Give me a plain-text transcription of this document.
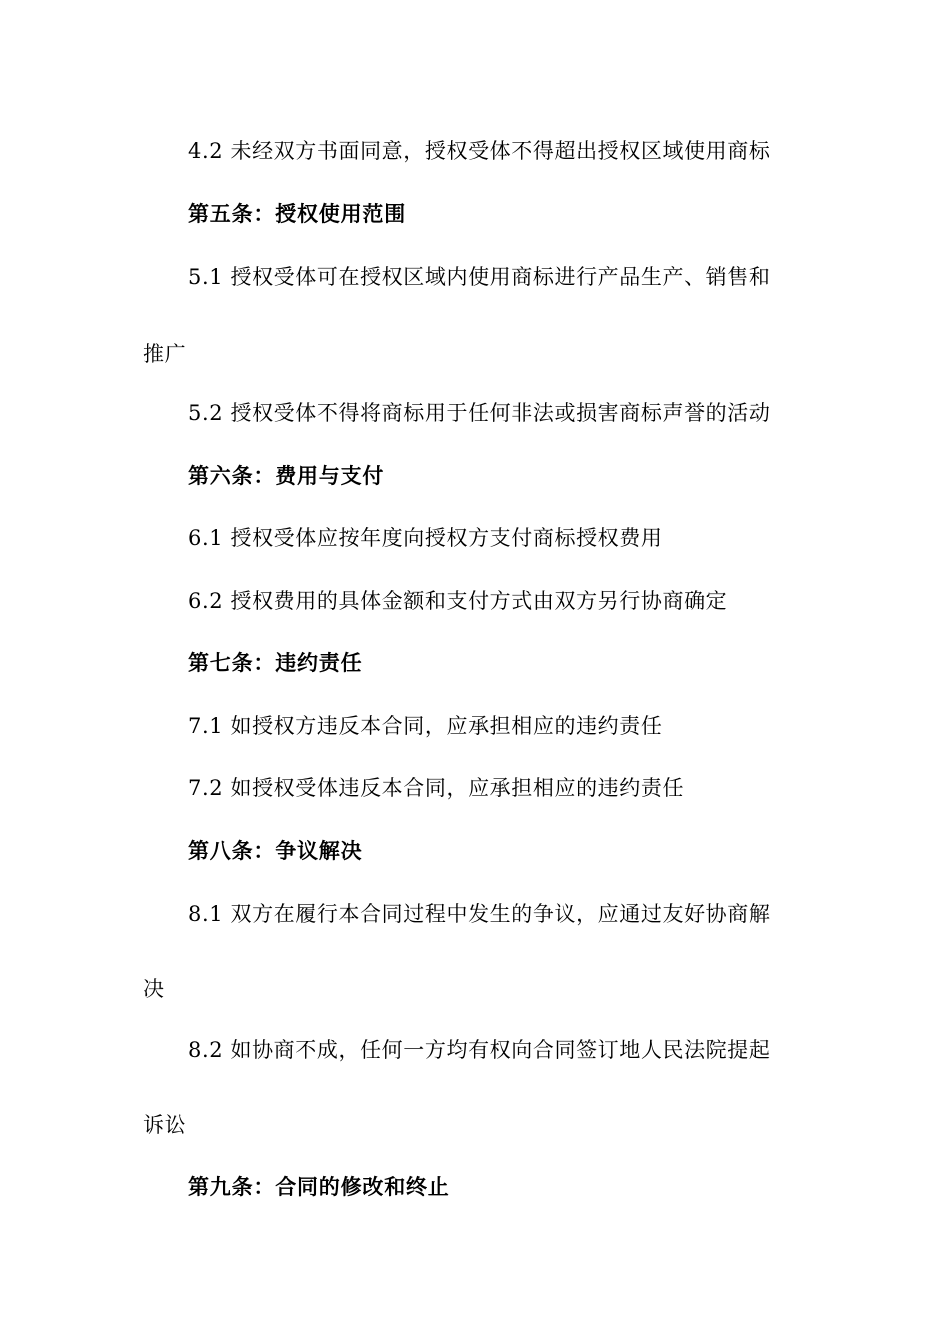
4.2 未经双方书面同意，授权受体不得超出授权区域使用商标
第五条：授权使用范围
5.1 授权受体可在授权区域内使用商标进行产品生产、销售和
推广
5.2 授权受体不得将商标用于任何非法或损害商标声誉的活动
第六条：费用与支付
6.1 授权受体应按年度向授权方支付商标授权费用
6.2 授权费用的具体金额和支付方式由双方另行协商确定
第七条：违约责任
7.1 如授权方违反本合同，应承担相应的违约责任
7.2 如授权受体违反本合同，应承担相应的违约责任
第八条：争议解决
8.1 双方在履行本合同过程中发生的争议，应通过友好协商解
决
8.2 如协商不成，任何一方均有权向合同签订地人民法院提起
诉讼
第九条：合同的修改和终止
